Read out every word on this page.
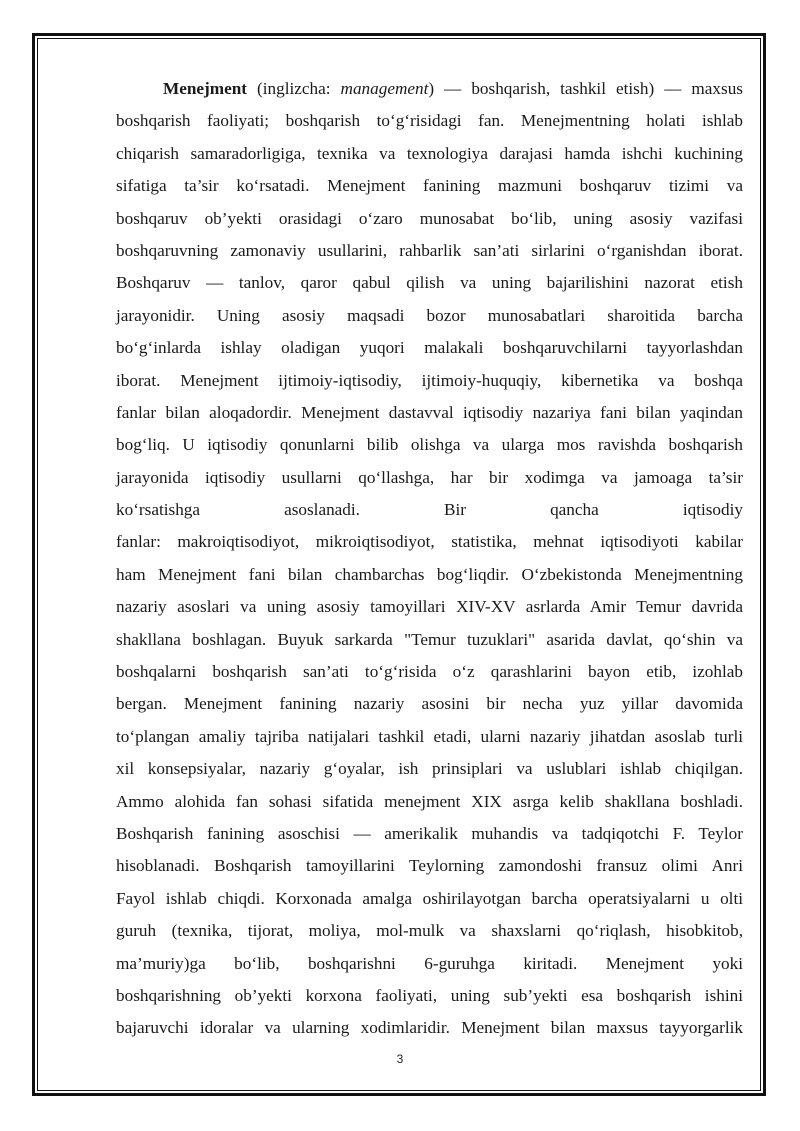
Menejment (inglizcha: management) — boshqarish, tashkil etish) — maxsus
boshqarish faoliyati; boshqarish to‘g‘risidagi fan. Menejmentning holati ishlab
chiqarish samaradorligiga, texnika va texnologiya darajasi hamda ishchi kuchining
sifatiga ta’sir ko‘rsatadi. Menejment fanining mazmuni boshqaruv tizimi va
boshqaruv ob’yekti orasidagi o‘zaro munosabat bo‘lib, uning asosiy vazifasi
boshqaruvning zamonaviy usullarini, rahbarlik san’ati sirlarini o‘rganishdan iborat.
Boshqaruv — tanlov, qaror qabul qilish va uning bajarilishini nazorat etish
jarayonidir. Uning asosiy maqsadi bozor munosabatlari sharoitida barcha
bo‘g‘inlarda ishlay oladigan yuqori malakali boshqaruvchilarni tayyorlashdan
iborat. Menejment ijtimoiy-iqtisodiy, ijtimoiy-huquqiy, kibernetika va boshqa
fanlar bilan aloqadordir. Menejment dastavval iqtisodiy nazariya fani bilan yaqindan
bog‘liq. U iqtisodiy qonunlarni bilib olishga va ularga mos ravishda boshqarish
jarayonida iqtisodiy usullarni qo‘llashga, har bir xodimga va jamoaga ta’sir
ko‘rsatishga asoslanadi. Bir qancha iqtisodiy
fanlar: makroiqtisodiyot, mikroiqtisodiyot, statistika, mehnat iqtisodiyoti kabilar
ham Menejment fani bilan chambarchas bog‘liqdir. O‘zbekistonda Menejmentning
nazariy asoslari va uning asosiy tamoyillari XIV-XV asrlarda Amir Temur davrida
shakllana boshlagan. Buyuk sarkarda "Temur tuzuklari" asarida davlat, qo‘shin va
boshqalarni boshqarish san’ati to‘g‘risida o‘z qarashlarini bayon etib, izohlab
bergan. Menejment fanining nazariy asosini bir necha yuz yillar davomida
to‘plangan amaliy tajriba natijalari tashkil etadi, ularni nazariy jihatdan asoslab turli
xil konsepsiyalar, nazariy g‘oyalar, ish prinsiplari va uslublari ishlab chiqilgan.
Ammo alohida fan sohasi sifatida menejment XIX asrga kelib shakllana boshladi.
Boshqarish fanining asoschisi — amerikalik muhandis va tadqiqotchi F. Teylor
hisoblanadi. Boshqarish tamoyillarini Teylorning zamondoshi fransuz olimi Anri
Fayol ishlab chiqdi. Korxonada amalga oshirilayotgan barcha operatsiyalarni u olti
guruh (texnika, tijorat, moliya, mol-mulk va shaxslarni qo‘riqlash, hisobkitob,
ma’muriy)ga bo‘lib, boshqarishni 6-guruhga kiritadi. Menejment yoki
boshqarishning ob’yekti korxona faoliyati, uning sub’yekti esa boshqarish ishini
bajaruvchi idoralar va ularning xodimlaridir. Menejment bilan maxsus tayyorgarlik
3
